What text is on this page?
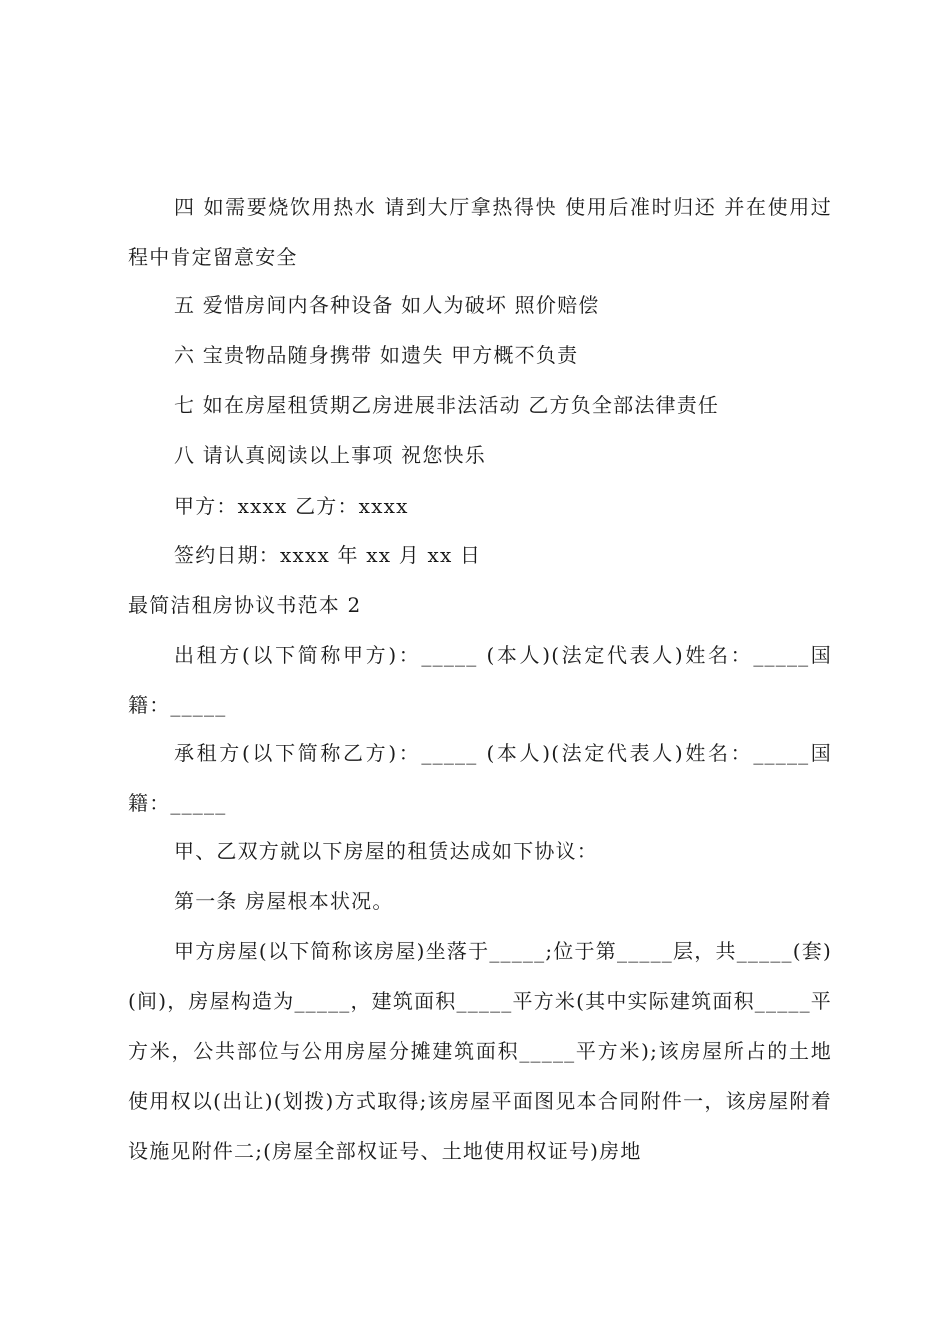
四 如需要烧饮用热水 请到大厅拿热得快 使用后准时归还 并在使用过程中肯定留意安全

五 爱惜房间内各种设备 如人为破坏 照价赔偿

六 宝贵物品随身携带 如遗失 甲方概不负责

七 如在房屋租赁期乙房进展非法活动 乙方负全部法律责任

八 请认真阅读以上事项 祝您快乐

甲方：xxxx 乙方：xxxx

签约日期：xxxx 年 xx 月 xx 日

最简洁租房协议书范本 2

出租方(以下简称甲方)：_____ (本人)(法定代表人)姓名：_____国籍：_____

承租方(以下简称乙方)：_____ (本人)(法定代表人)姓名：_____国籍：_____

甲、乙双方就以下房屋的租赁达成如下协议：

第一条 房屋根本状况。

甲方房屋(以下简称该房屋)坐落于_____;位于第_____层，共_____(套)(间)，房屋构造为_____，建筑面积_____平方米(其中实际建筑面积_____平方米，公共部位与公用房屋分摊建筑面积_____平方米);该房屋所占的土地使用权以(出让)(划拨)方式取得;该房屋平面图见本合同附件一，该房屋附着设施见附件二;(房屋全部权证号、土地使用权证号)房地
